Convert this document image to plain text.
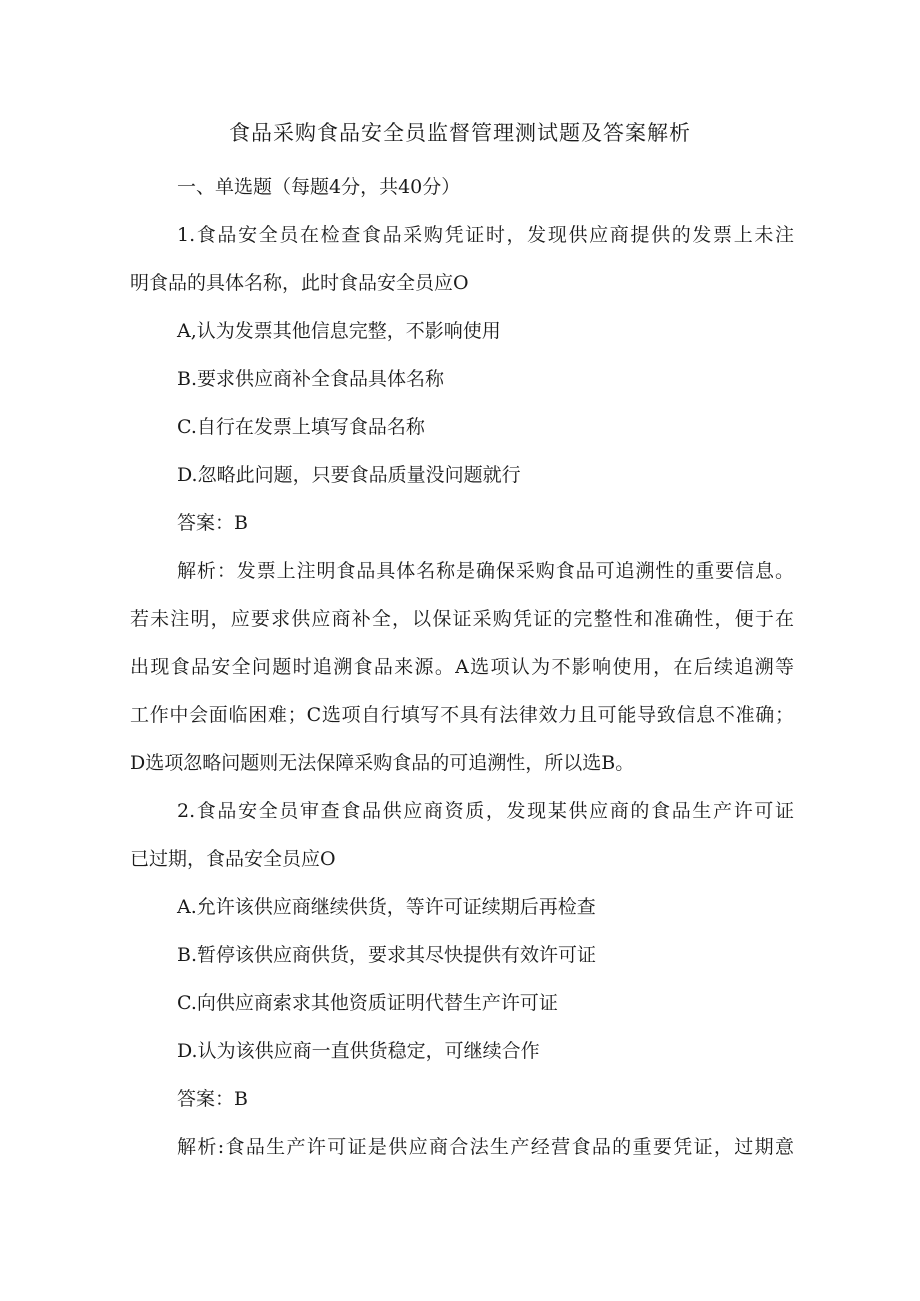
食品采购食品安全员监督管理测试题及答案解析

一、单选题（每题4分，共40分）

1.食品安全员在检查食品采购凭证时，发现供应商提供的发票上未注

明食品的具体名称，此时食品安全员应O

A,认为发票其他信息完整，不影响使用

B.要求供应商补全食品具体名称

C.自行在发票上填写食品名称

D.忽略此问题，只要食品质量没问题就行

答案：B

解析：发票上注明食品具体名称是确保采购食品可追溯性的重要信息。

若未注明，应要求供应商补全，以保证采购凭证的完整性和准确性，便于在

出现食品安全问题时追溯食品来源。A选项认为不影响使用，在后续追溯等

工作中会面临困难；C选项自行填写不具有法律效力且可能导致信息不准确；

D选项忽略问题则无法保障采购食品的可追溯性，所以选B。

2.食品安全员审查食品供应商资质，发现某供应商的食品生产许可证

已过期，食品安全员应O

A.允许该供应商继续供货，等许可证续期后再检查

B.暂停该供应商供货，要求其尽快提供有效许可证

C.向供应商索求其他资质证明代替生产许可证

D.认为该供应商一直供货稳定，可继续合作

答案：B

解析:食品生产许可证是供应商合法生产经营食品的重要凭证，过期意
